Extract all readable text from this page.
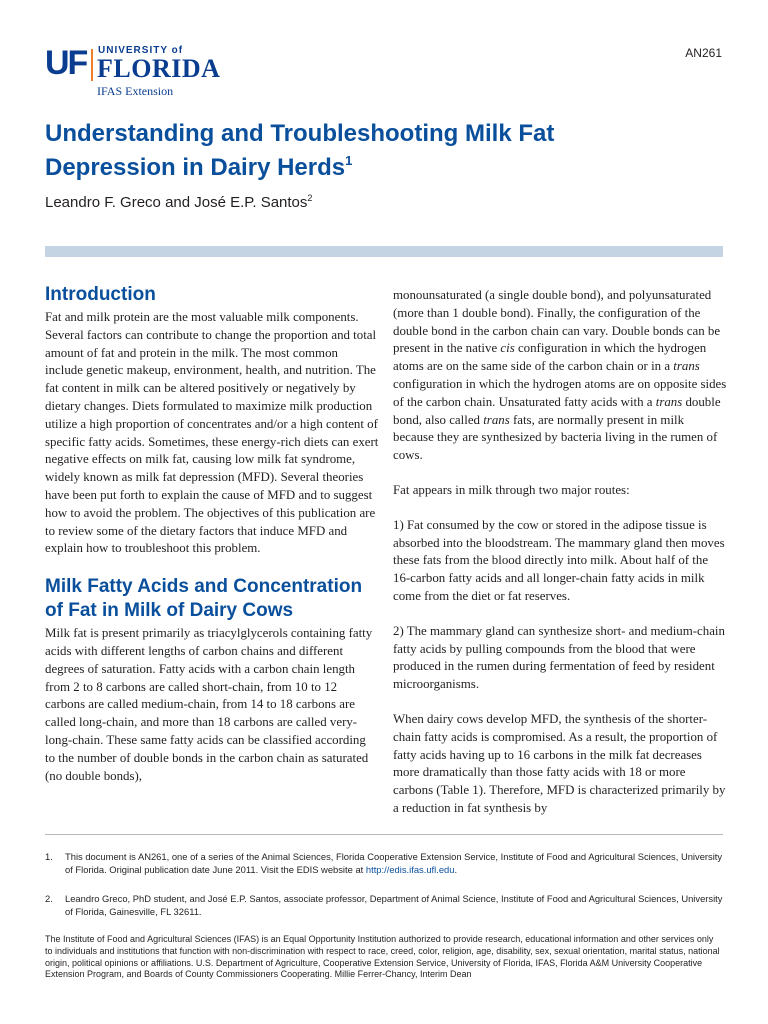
UF UNIVERSITY of
FLORIDA
IFAS Extension
AN261
Understanding and Troubleshooting Milk Fat
Depression in Dairy Herds$^1$
Leandro F. Greco and José E.P. Santos$^2$
Introduction

Fat and milk protein are the most valuable milk components. Several factors can contribute to change the proportion and total amount of fat and protein in the milk. The most common include genetic makeup, environment, health, and nutrition. The fat content in milk can be altered positively or negatively by dietary changes. Diets formulated to maximize milk production utilize a high proportion of concentrates and/or a high content of specific fatty acids. Sometimes, these energy-rich diets can exert negative effects on milk fat, causing low milk fat syndrome, widely known as milk fat depression (MFD). Several theories have been put forth to explain the cause of MFD and to suggest how to avoid the problem. The objectives of this publication are to review some of the dietary factors that induce MFD and explain how to troubleshoot this problem.

Milk Fatty Acids and Concentration of Fat in Milk of Dairy Cows

Milk fat is present primarily as triacylglycerols containing fatty acids with different lengths of carbon chains and different degrees of saturation. Fatty acids with a carbon chain length from 2 to 8 carbons are called short-chain, from 10 to 12 carbons are called medium-chain, from 14 to 18 carbons are called long-chain, and more than 18 carbons are called very-long-chain. These same fatty acids can be classified according to the number of double bonds in the carbon chain as saturated (no double bonds),

monounsaturated (a single double bond), and polyunsaturated (more than 1 double bond). Finally, the configuration of the double bond in the carbon chain can vary. Double bonds can be present in the native cis configuration in which the hydrogen atoms are on the same side of the carbon chain or in a trans configuration in which the hydrogen atoms are on opposite sides of the carbon chain. Unsaturated fatty acids with a trans double bond, also called trans fats, are normally present in milk because they are synthesized by bacteria living in the rumen of cows.

Fat appears in milk through two major routes:

1) Fat consumed by the cow or stored in the adipose tissue is absorbed into the bloodstream. The mammary gland then moves these fats from the blood directly into milk. About half of the 16-carbon fatty acids and all longer-chain fatty acids in milk come from the diet or fat reserves.

2) The mammary gland can synthesize short- and medium-chain fatty acids by pulling compounds from the blood that were produced in the rumen during fermentation of feed by resident microorganisms.

When dairy cows develop MFD, the synthesis of the shorter-chain fatty acids is compromised. As a result, the proportion of fatty acids having up to 16 carbons in the milk fat decreases more dramatically than those fatty acids with 18 or more carbons (Table 1). Therefore, MFD is characterized primarily by a reduction in fat synthesis by

1. This document is AN261, one of a series of the Animal Sciences, Florida Cooperative Extension Service, Institute of Food and Agricultural Sciences, University of Florida. Original publication date June 2011. Visit the EDIS website at http://edis.ifas.ufl.edu.
2. Leandro Greco, PhD student, and José E.P. Santos, associate professor, Department of Animal Science, Institute of Food and Agricultural Sciences, University of Florida, Gainesville, FL 32611.
The Institute of Food and Agricultural Sciences (IFAS) is an Equal Opportunity Institution authorized to provide research, educational information and other services only to individuals and institutions that function with non-discrimination with respect to race, creed, color, religion, age, disability, sex, sexual orientation, marital status, national origin, political opinions or affiliations. U.S. Department of Agriculture, Cooperative Extension Service, University of Florida, IFAS, Florida A&M University Cooperative Extension Program, and Boards of County Commissioners Cooperating. Millie Ferrer-Chancy, Interim Dean
